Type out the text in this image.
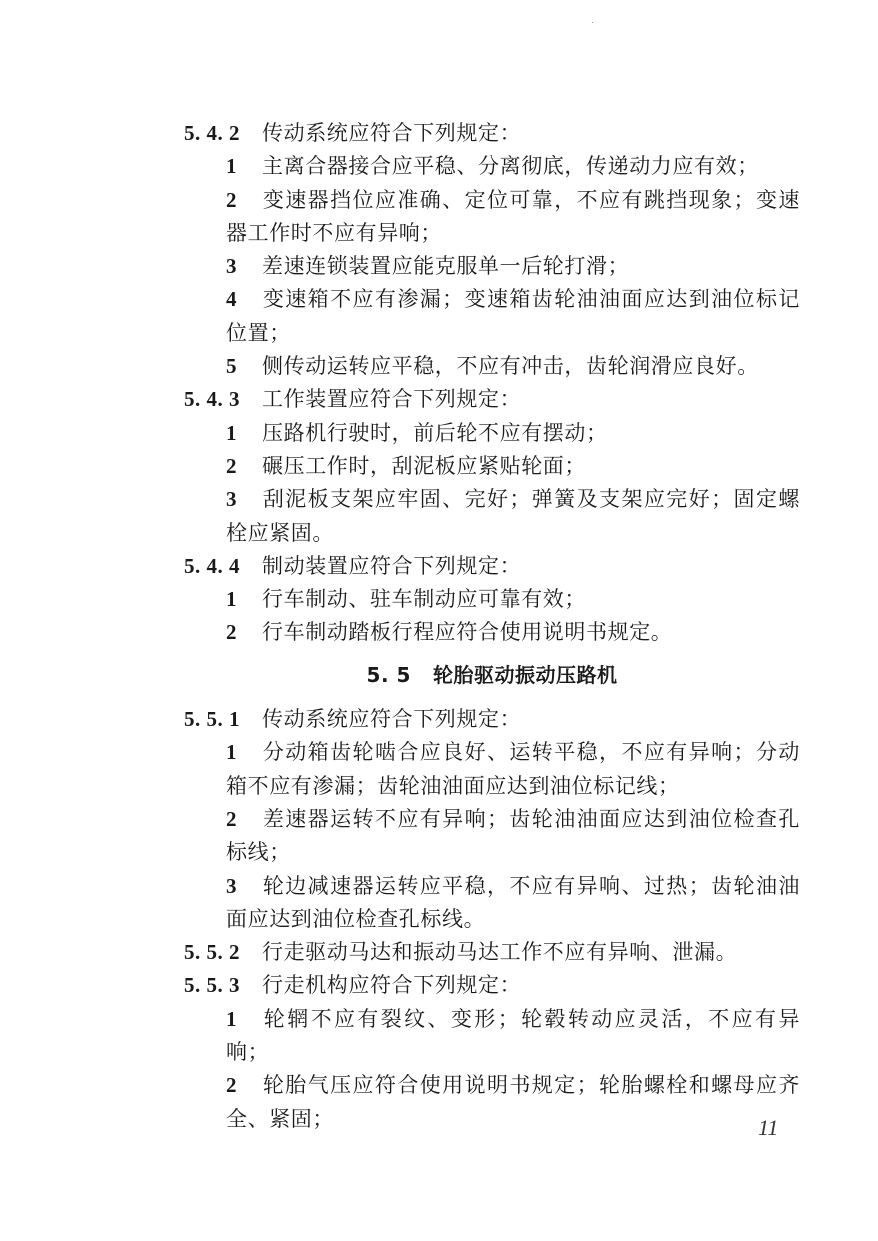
5. 4. 2 传动系统应符合下列规定：

1 主离合器接合应平稳、分离彻底，传递动力应有效；

2 变速器挡位应准确、定位可靠，不应有跳挡现象；变速器工作时不应有异响；

3 差速连锁装置应能克服单一后轮打滑；

4 变速箱不应有渗漏；变速箱齿轮油油面应达到油位标记位置；

5 侧传动运转应平稳，不应有冲击，齿轮润滑应良好。

5. 4. 3 工作装置应符合下列规定：

1 压路机行驶时，前后轮不应有摆动；

2 碾压工作时，刮泥板应紧贴轮面；

3 刮泥板支架应牢固、完好；弹簧及支架应完好；固定螺栓应紧固。

5. 4. 4 制动装置应符合下列规定：

1 行车制动、驻车制动应可靠有效；

2 行车制动踏板行程应符合使用说明书规定。

5. 5 轮胎驱动振动压路机

5. 5. 1 传动系统应符合下列规定：

1 分动箱齿轮啮合应良好、运转平稳，不应有异响；分动箱不应有渗漏；齿轮油油面应达到油位标记线；

2 差速器运转不应有异响；齿轮油油面应达到油位检查孔标线；

3 轮边减速器运转应平稳，不应有异响、过热；齿轮油油面应达到油位检查孔标线。

5. 5. 2 行走驱动马达和振动马达工作不应有异响、泄漏。

5. 5. 3 行走机构应符合下列规定：

1 轮辋不应有裂纹、变形；轮毂转动应灵活，不应有异响；

2 轮胎气压应符合使用说明书规定；轮胎螺栓和螺母应齐全、紧固；	11
